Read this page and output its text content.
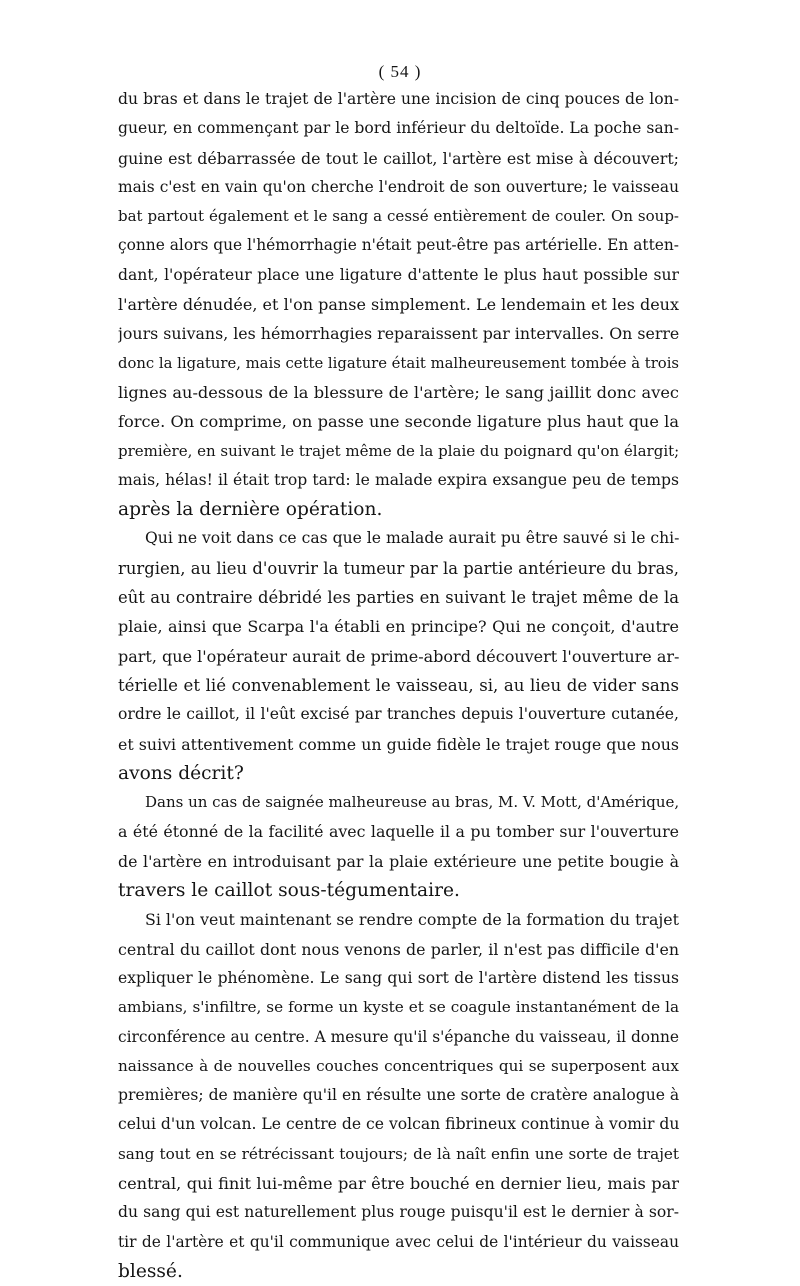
( 54 )
du bras et dans le trajet de l'artère une incision de cinq pouces de lon-
gueur, en commençant par le bord inférieur du deltoïde. La poche san-
guine est débarrassée de tout le caillot, l'artère est mise à découvert;
mais c'est en vain qu'on cherche l'endroit de son ouverture; le vaisseau
bat partout également et le sang a cessé entièrement de couler. On soup-
çonne alors que l'hémorrhagie n'était peut-être pas artérielle. En atten-
dant, l'opérateur place une ligature d'attente le plus haut possible sur
l'artère dénudée, et l'on panse simplement. Le lendemain et les deux
jours suivans, les hémorrhagies reparaissent par intervalles. On serre
donc la ligature, mais cette ligature était malheureusement tombée à trois
lignes au-dessous de la blessure de l'artère; le sang jaillit donc avec
force. On comprime, on passe une seconde ligature plus haut que la
première, en suivant le trajet même de la plaie du poignard qu'on élargit;
mais, hélas! il était trop tard: le malade expira exsangue peu de temps
après la dernière opération.
Qui ne voit dans ce cas que le malade aurait pu être sauvé si le chi-
rurgien, au lieu d'ouvrir la tumeur par la partie antérieure du bras,
eût au contraire débridé les parties en suivant le trajet même de la
plaie, ainsi que Scarpa l'a établi en principe? Qui ne conçoit, d'autre
part, que l'opérateur aurait de prime-abord découvert l'ouverture ar-
térielle et lié convenablement le vaisseau, si, au lieu de vider sans
ordre le caillot, il l'eût excisé par tranches depuis l'ouverture cutanée,
et suivi attentivement comme un guide fidèle le trajet rouge que nous
avons décrit?
Dans un cas de saignée malheureuse au bras, M. V. Mott, d'Amérique,
a été étonné de la facilité avec laquelle il a pu tomber sur l'ouverture
de l'artère en introduisant par la plaie extérieure une petite bougie à
travers le caillot sous-tégumentaire.
Si l'on veut maintenant se rendre compte de la formation du trajet
central du caillot dont nous venons de parler, il n'est pas difficile d'en
expliquer le phénomène. Le sang qui sort de l'artère distend les tissus
ambians, s'infiltre, se forme un kyste et se coagule instantanément de la
circonférence au centre. A mesure qu'il s'épanche du vaisseau, il donne
naissance à de nouvelles couches concentriques qui se superposent aux
premières; de manière qu'il en résulte une sorte de cratère analogue à
celui d'un volcan. Le centre de ce volcan fibrineux continue à vomir du
sang tout en se rétrécissant toujours; de là naît enfin une sorte de trajet
central, qui finit lui-même par être bouché en dernier lieu, mais par
du sang qui est naturellement plus rouge puisqu'il est le dernier à sor-
tir de l'artère et qu'il communique avec celui de l'intérieur du vaisseau
blessé.
